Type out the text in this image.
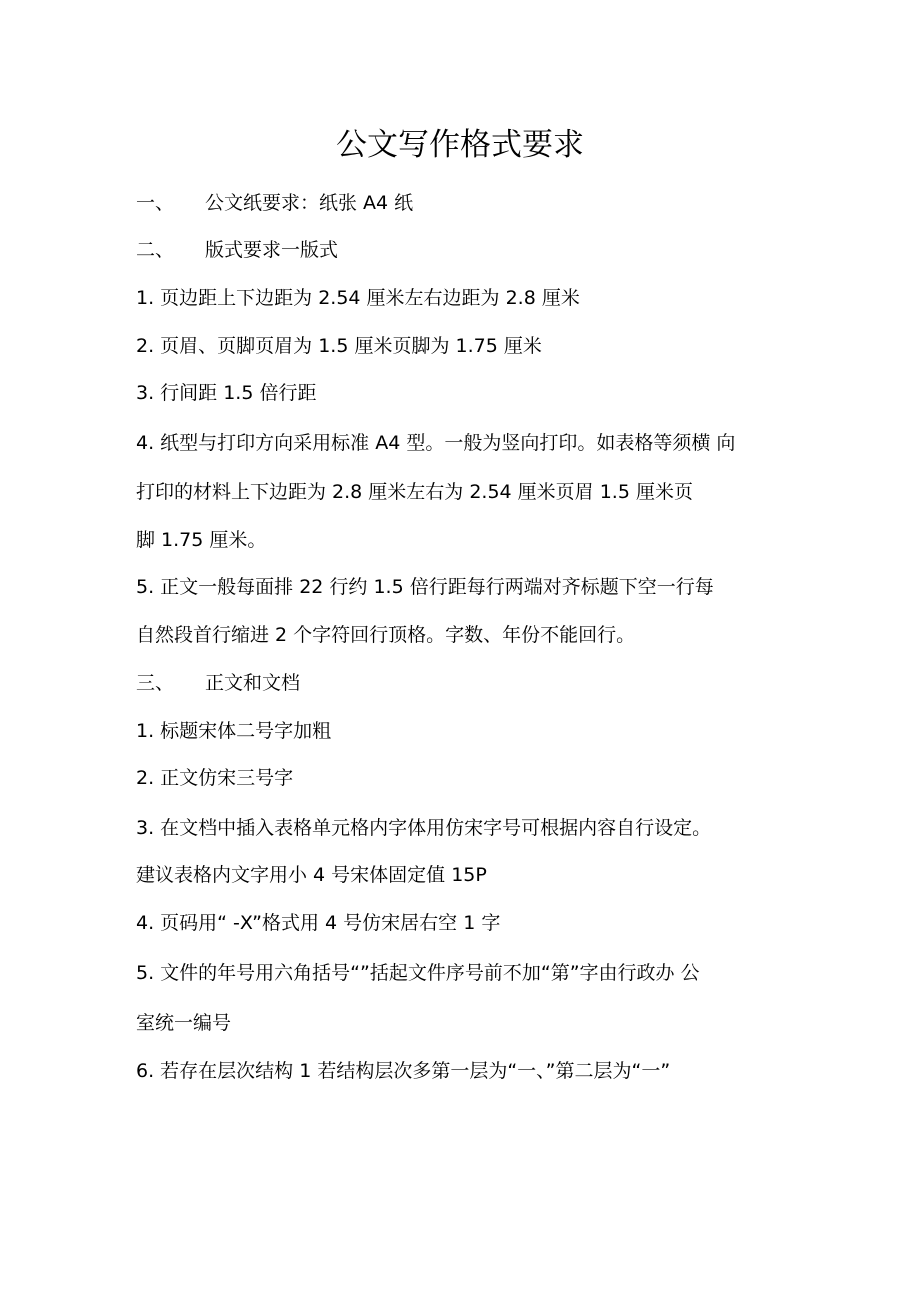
公文写作格式要求
一、 公文纸要求：纸张 A4 纸
二、 版式要求一版式
1. 页边距上下边距为 2.54 厘米左右边距为 2.8 厘米
2. 页眉、页脚页眉为 1.5 厘米页脚为 1.75 厘米
3. 行间距 1.5 倍行距
4. 纸型与打印方向采用标准 A4 型。一般为竖向打印。如表格等须横 向
打印的材料上下边距为 2.8 厘米左右为 2.54 厘米页眉 1.5 厘米页
脚 1.75 厘米。
5. 正文一般每面排 22 行约 1.5 倍行距每行两端对齐标题下空一行每
自然段首行缩进 2 个字符回行顶格。字数、年份不能回行。
三、 正文和文档
1. 标题宋体二号字加粗
2. 正文仿宋三号字
3. 在文档中插入表格单元格内字体用仿宋字号可根据内容自行设定。
建议表格内文字用小 4 号宋体固定值 15P
4. 页码用“ -X”格式用 4 号仿宋居右空 1 字
5. 文件的年号用六角括号“”括起文件序号前不加“第”字由行政办 公
室统一编号
6. 若存在层次结构 1 若结构层次多第一层为“一、”第二层为“一”
